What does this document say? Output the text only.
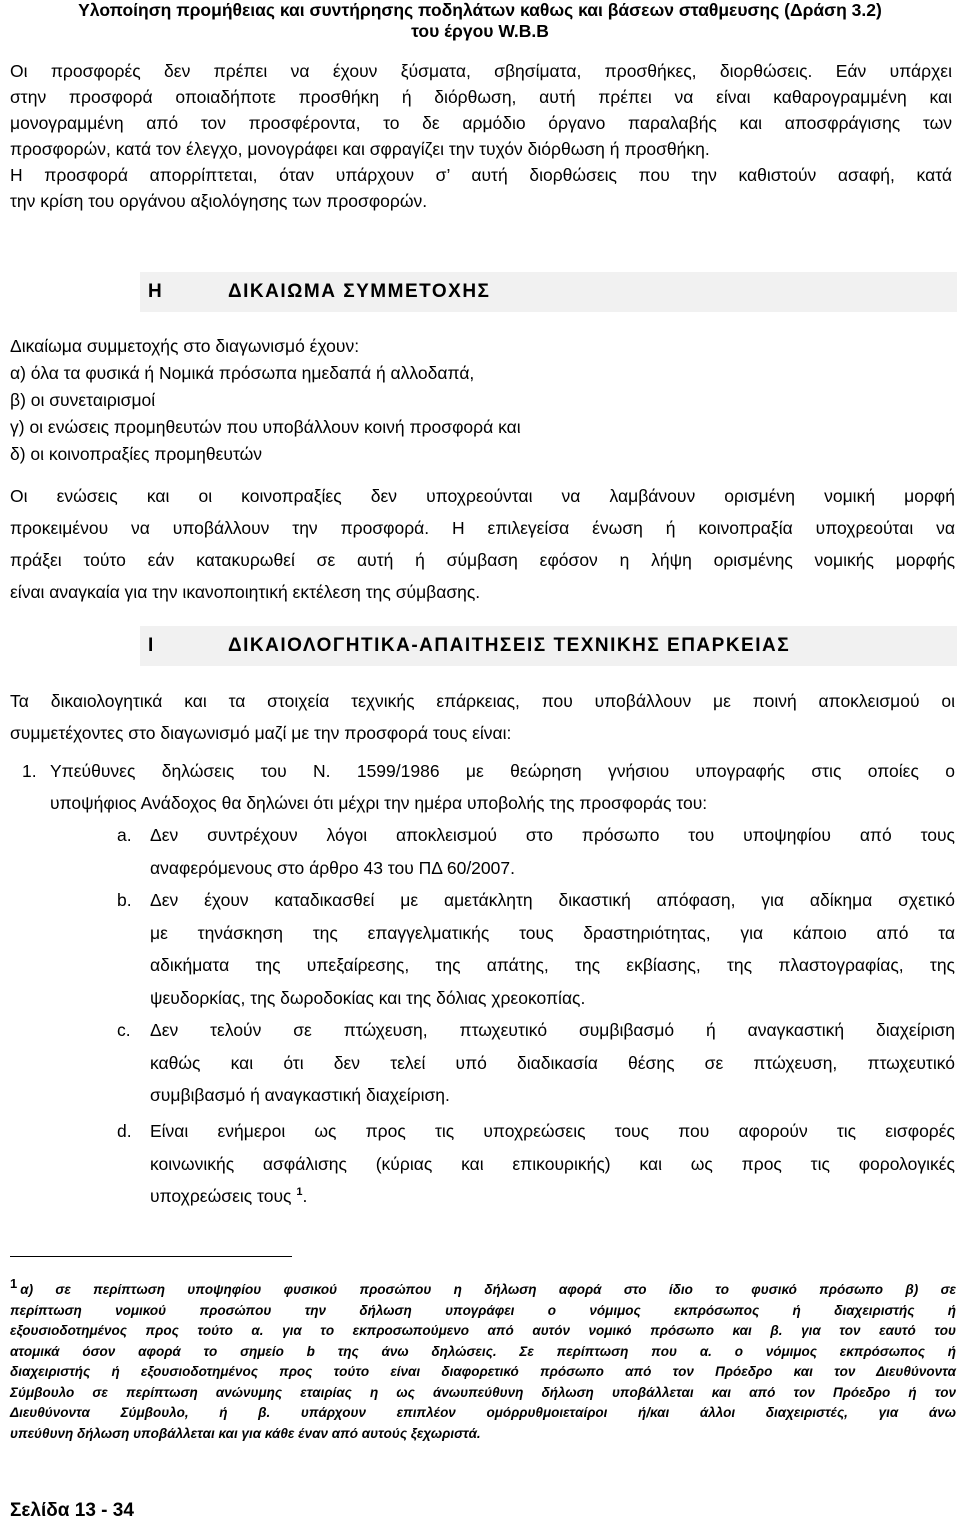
Υλοποίηση προμήθειας και συντήρησης ποδηλάτων καθως και βάσεων σταθμευσης (Δράση 3.2)
του έργου W.B.B
Οι προσφορές δεν πρέπει να έχουν ξύσματα, σβησίματα, προσθήκες, διορθώσεις. Εάν υπάρχει
στην προσφορά οποιαδήποτε προσθήκη ή διόρθωση, αυτή πρέπει να είναι καθαρογραμμένη και
μονογραμμένη από τον προσφέροντα, το δε αρμόδιο όργανο παραλαβής και αποσφράγισης των
προσφορών, κατά τον έλεγχο, μονογράφει και σφραγίζει την τυχόν διόρθωση ή προσθήκη.
Η προσφορά απορρίπτεται, όταν υπάρχουν σ’ αυτή διορθώσεις που την καθιστούν ασαφή, κατά
την κρίση του οργάνου αξιολόγησης των προσφορών.
Η	ΔΙΚΑΙΩΜΑ ΣΥΜΜΕΤΟΧΗΣ
Δικαίωμα συμμετοχής στο διαγωνισμό έχουν:
α) όλα τα φυσικά ή Νομικά πρόσωπα ημεδαπά ή αλλοδαπά,
β) οι συνεταιρισμοί
γ) οι ενώσεις προμηθευτών που υποβάλλουν κοινή προσφορά και
δ) οι κοινοπραξίες προμηθευτών
Οι ενώσεις και οι κοινοπραξίες δεν υποχρεούνται να λαμβάνουν ορισμένη νομική μορφή
προκειμένου να υποβάλλουν την προσφορά. Η επιλεγείσα ένωση ή κοινοπραξία υποχρεούται να
πράξει τούτο εάν κατακυρωθεί σε αυτή ή σύμβαση εφόσον η λήψη ορισμένης νομικής μορφής
είναι αναγκαία για την ικανοποιητική εκτέλεση της σύμβασης.
Ι	ΔΙΚΑΙΟΛΟΓΗΤΙΚΑ-ΑΠΑΙΤΗΣΕΙΣ ΤΕΧΝΙΚΗΣ ΕΠΑΡΚΕΙΑΣ
Τα δικαιολογητικά και τα στοιχεία τεχνικής επάρκειας, που υποβάλλουν με ποινή αποκλεισμού οι
συμμετέχοντες στο διαγωνισμό μαζί με την προσφορά τους είναι:
1. Υπεύθυνες δηλώσεις του Ν. 1599/1986 με θεώρηση γνήσιου υπογραφής στις οποίες ο
υποψήφιος Ανάδοχος θα δηλώνει ότι μέχρι την ημέρα υποβολής της προσφοράς του:
a. Δεν συντρέχουν λόγοι αποκλεισμού στο πρόσωπο του υποψηφίου από τους
αναφερόμενους στο άρθρο 43 του ΠΔ 60/2007.
b. Δεν έχουν καταδικασθεί με αμετάκλητη δικαστική απόφαση, για αδίκημα σχετικό
με τηνάσκηση της επαγγελματικής τους δραστηριότητας, για κάποιο από τα
αδικήματα της υπεξαίρεσης, της απάτης, της εκβίασης, της πλαστογραφίας, της
ψευδορκίας, της δωροδοκίας και της δόλιας χρεοκοπίας.
c. Δεν τελούν σε πτώχευση, πτωχευτικό συμβιβασμό ή αναγκαστική διαχείριση
καθώς και ότι δεν τελεί υπό διαδικασία θέσης σε πτώχευση, πτωχευτικό
συμβιβασμό ή αναγκαστική διαχείριση.
d. Είναι ενήμεροι ως προς τις υποχρεώσεις τους που αφορούν τις εισφορές
κοινωνικής ασφάλισης (κύριας και επικουρικής) και ως προς τις φορολογικές
υποχρεώσεις τους $^1$.
1 α) σε περίπτωση υποψηφίου φυσικού προσώπου η δήλωση αφορά στο ίδιο το φυσικό πρόσωπο β) σε
περίπτωση νομικού προσώπου την δήλωση υπογράφει ο νόμιμος εκπρόσωπος ή διαχειριστής ή
εξουσιοδοτημένος προς τούτο α. για το εκπροσωπούμενο από αυτόν νομικό πρόσωπο και β. για τον εαυτό του
ατομικά όσον αφορά το σημείο b της άνω δηλώσεις. Σε περίπτωση που α. ο νόμιμος εκπρόσωπος ή
διαχειριστής ή εξουσιοδοτημένος προς τούτο είναι διαφορετικό πρόσωπο από τον Πρόεδρο και τον Διευθύνοντα
Σύμβουλο σε περίπτωση ανώνυμης εταιρίας η ως άνωυπεύθυνη δήλωση υποβάλλεται και από τον Πρόεδρο ή τον
Διευθύνοντα Σύμβουλο, ή β. υπάρχουν επιπλέον ομόρρυθμοιεταίροι ή/και άλλοι διαχειριστές, για άνω
υπεύθυνη δήλωση υποβάλλεται και για κάθε έναν από αυτούς ξεχωριστά.
Σελίδα 13 - 34
